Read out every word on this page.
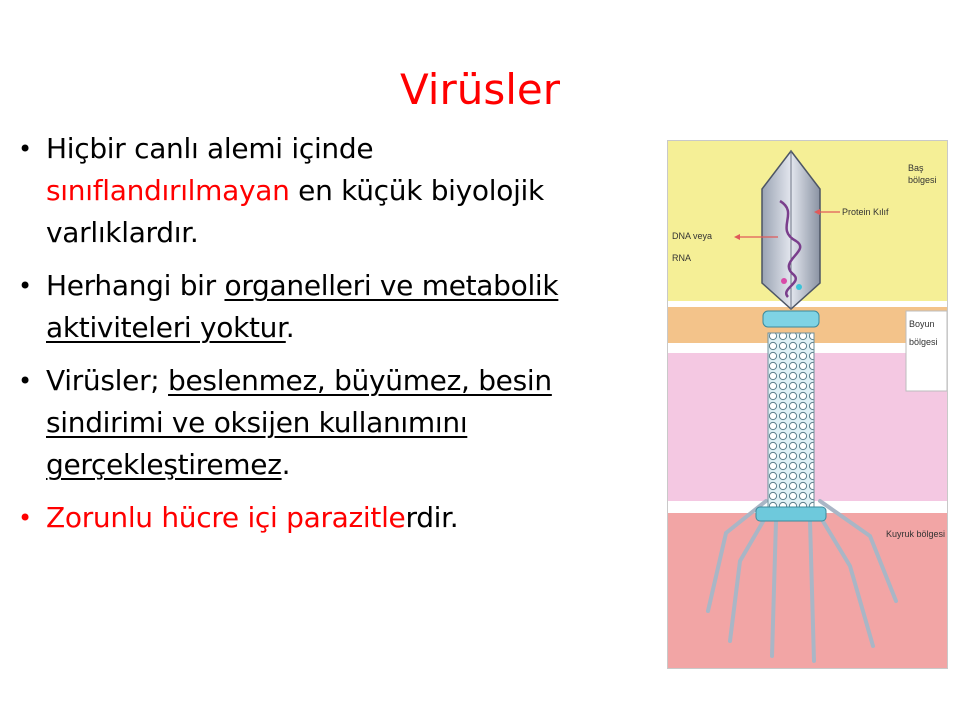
Virüsler
• Hiçbir canlı alemi içinde sınıflandırılmayan en küçük biyolojik varlıklardır.
• Herhangi bir organelleri ve metabolik aktiviteleri yoktur.
• Virüsler; beslenmez, büyümez, besin sindirimi ve oksijen kullanımını gerçekleştiremez.
• Zorunlu hücre içi parazitlerdir.
Baş
bölgesi
Protein Kılıf
DNA veya
RNA
Boyun
bölgesi
Kuyruk bölgesi
